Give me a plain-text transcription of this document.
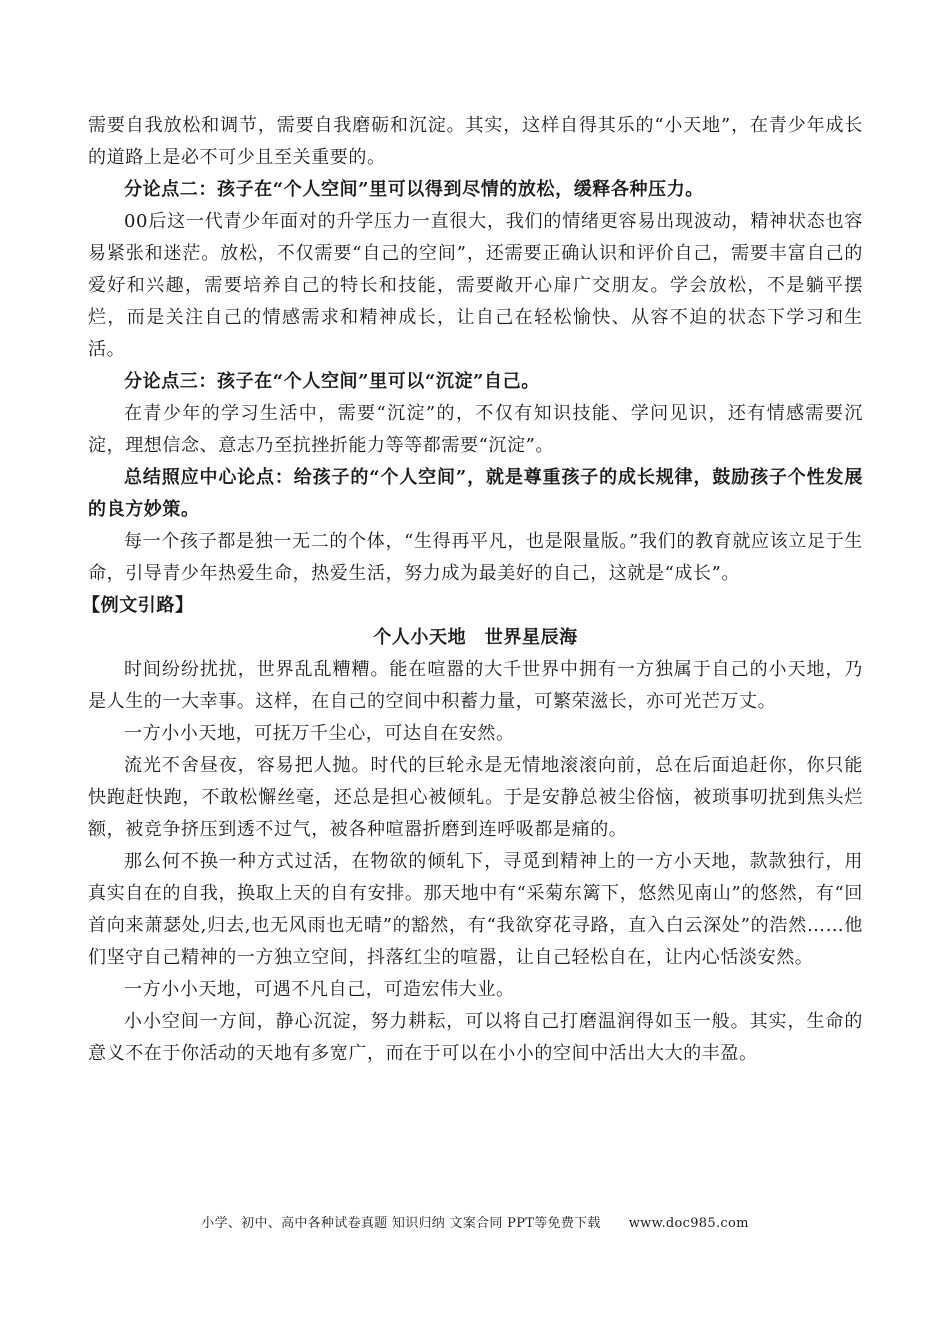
需要自我放松和调节，需要自我磨砺和沉淀。其实，这样自得其乐的“小天地”，在青少年成长的道路上是必不可少且至关重要的。

分论点二：孩子在“个人空间”里可以得到尽情的放松，缓释各种压力。

00后这一代青少年面对的升学压力一直很大，我们的情绪更容易出现波动，精神状态也容易紧张和迷茫。放松，不仅需要“自己的空间”，还需要正确认识和评价自己，需要丰富自己的爱好和兴趣，需要培养自己的特长和技能，需要敞开心扉广交朋友。学会放松，不是躺平摆烂，而是关注自己的情感需求和精神成长，让自己在轻松愉快、从容不迫的状态下学习和生活。

分论点三：孩子在“个人空间”里可以“沉淀”自己。

在青少年的学习生活中，需要“沉淀”的，不仅有知识技能、学问见识，还有情感需要沉淀，理想信念、意志乃至抗挫折能力等等都需要“沉淀”。

总结照应中心论点：给孩子的“个人空间”，就是尊重孩子的成长规律，鼓励孩子个性发展的良方妙策。

每一个孩子都是独一无二的个体，“生得再平凡，也是限量版。”我们的教育就应该立足于生命，引导青少年热爱生命，热爱生活，努力成为最美好的自己，这就是“成长”。

【例文引路】

个人小天地　世界星辰海

时间纷纷扰扰，世界乱乱糟糟。能在喧嚣的大千世界中拥有一方独属于自己的小天地，乃是人生的一大幸事。这样，在自己的空间中积蓄力量，可繁荣滋长，亦可光芒万丈。

一方小小天地，可抚万千尘心，可达自在安然。

流光不舍昼夜，容易把人抛。时代的巨轮永是无情地滚滚向前，总在后面追赶你，你只能快跑赶快跑，不敢松懈丝毫，还总是担心被倾轧。于是安静总被尘俗恼，被琐事叨扰到焦头烂额，被竞争挤压到透不过气，被各种喧嚣折磨到连呼吸都是痛的。

那么何不换一种方式过活，在物欲的倾轧下，寻觅到精神上的一方小天地，款款独行，用真实自在的自我，换取上天的自有安排。那天地中有“采菊东篱下，悠然见南山”的悠然，有“回首向来萧瑟处,归去,也无风雨也无晴”的豁然，有“我欲穿花寻路，直入白云深处”的浩然……他们坚守自己精神的一方独立空间，抖落红尘的喧嚣，让自己轻松自在，让内心恬淡安然。

一方小小天地，可遇不凡自己，可造宏伟大业。

小小空间一方间，静心沉淀，努力耕耘，可以将自己打磨温润得如玉一般。其实，生命的意义不在于你活动的天地有多宽广，而在于可以在小小的空间中活出大大的丰盈。

小学、初中、高中各种试卷真题 知识归纳 文案合同 PPT等免费下载 www.doc985.com
